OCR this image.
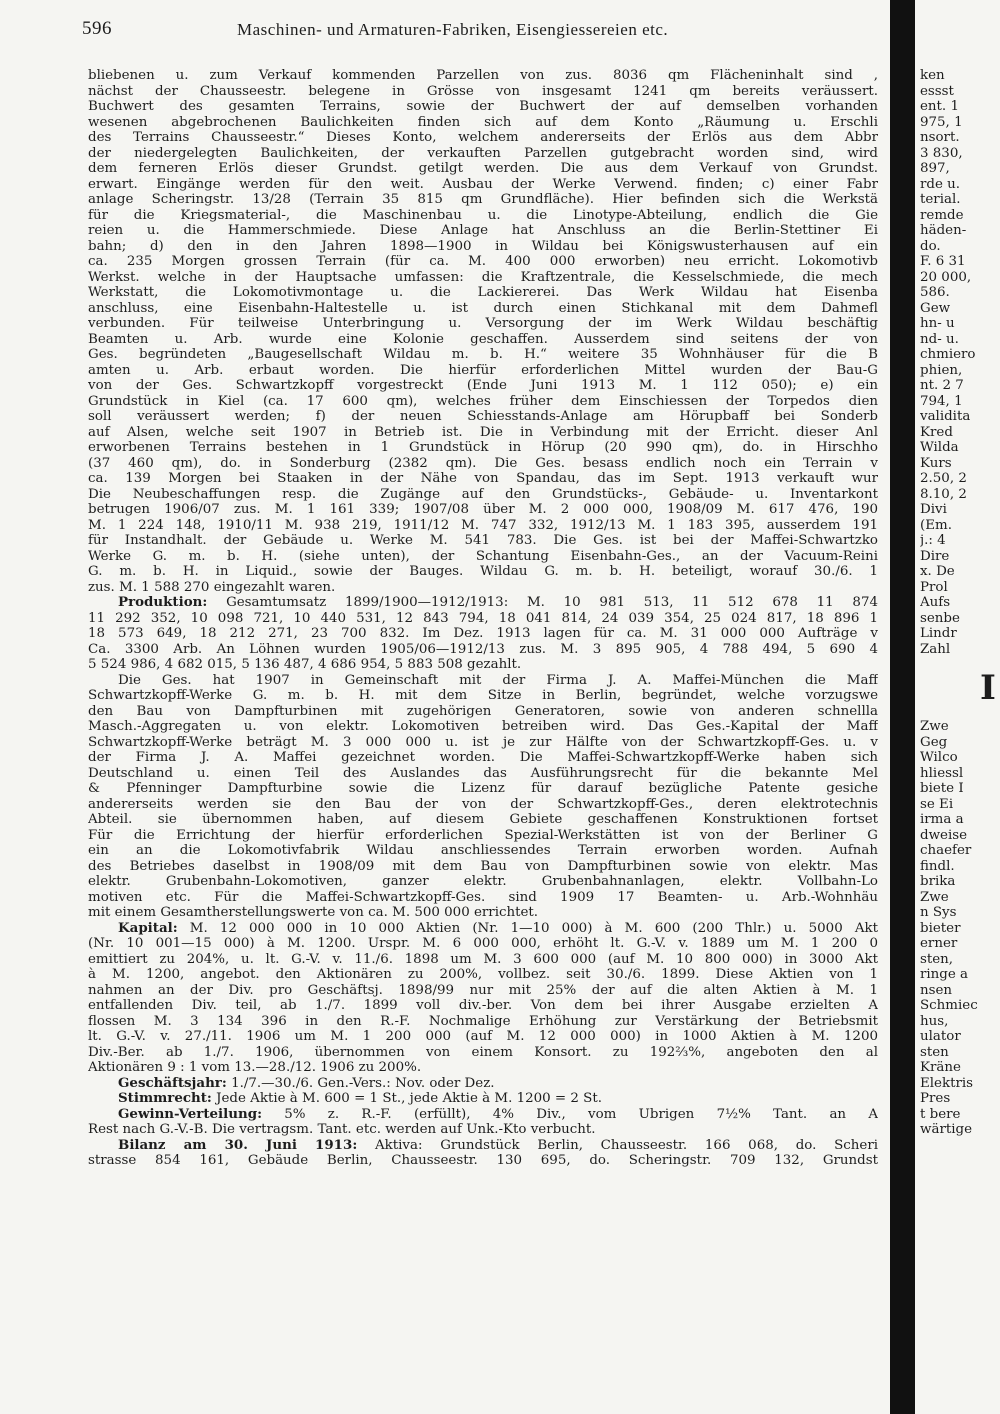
596	Maschinen- und Armaturen-Fabriken, Eisengiessereien etc.
bliebenen u. zum Verkauf kommenden Parzellen von zus. 8036 qm Flächeninhalt sind ,
nächst der Chausseestr. belegene in Grösse von insgesamt 1241 qm bereits veräussert.
Buchwert des gesamten Terrains, sowie der Buchwert der auf demselben vorhanden
wesenen abgebrochenen Baulichkeiten finden sich auf dem Konto „Räumung u. Erschli
des Terrains Chausseestr.“ Dieses Konto, welchem andererseits der Erlös aus dem Abbr
der niedergelegten Baulichkeiten, der verkauften Parzellen gutgebracht worden sind, wird
dem ferneren Erlös dieser Grundst. getilgt werden. Die aus dem Verkauf von Grundst.
erwart. Eingänge werden für den weit. Ausbau der Werke Verwend. finden; c) einer Fabr
anlage Scheringstr. 13/28 (Terrain 35 815 qm Grundfläche). Hier befinden sich die Werkstä
für die Kriegsmaterial-, die Maschinenbau u. die Linotype-Abteilung, endlich die Gie
reien u. die Hammerschmiede. Diese Anlage hat Anschluss an die Berlin-Stettiner Ei
bahn; d) den in den Jahren 1898—1900 in Wildau bei Königswusterhausen auf ein
ca. 235 Morgen grossen Terrain (für ca. M. 400 000 erworben) neu erricht. Lokomotivb
Werkst. welche in der Hauptsache umfassen: die Kraftzentrale, die Kesselschmiede, die mech
Werkstatt, die Lokomotivmontage u. die Lackiererei. Das Werk Wildau hat Eisenba
anschluss, eine Eisenbahn-Haltestelle u. ist durch einen Stichkanal mit dem Dahmefl
verbunden. Für teilweise Unterbringung u. Versorgung der im Werk Wildau beschäftig
Beamten u. Arb. wurde eine Kolonie geschaffen. Ausserdem sind seitens der von
Ges. begründeten „Baugesellschaft Wildau m. b. H.“ weitere 35 Wohnhäuser für die B
amten u. Arb. erbaut worden. Die hierfür erforderlichen Mittel wurden der Bau-G
von der Ges. Schwartzkopff vorgestreckt (Ende Juni 1913 M. 1 112 050); e) ein
Grundstück in Kiel (ca. 17 600 qm), welches früher dem Einschiessen der Torpedos dien
soll veräussert werden; f) der neuen Schiesstands-Anlage am Hörupbaff bei Sonderb
auf Alsen, welche seit 1907 in Betrieb ist. Die in Verbindung mit der Erricht. dieser Anl
erworbenen Terrains bestehen in 1 Grundstück in Hörup (20 990 qm), do. in Hirschho
(37 460 qm), do. in Sonderburg (2382 qm). Die Ges. besass endlich noch ein Terrain v
ca. 139 Morgen bei Staaken in der Nähe von Spandau, das im Sept. 1913 verkauft wur
Die Neubeschaffungen resp. die Zugänge auf den Grundstücks-, Gebäude- u. Inventarkont
betrugen 1906/07 zus. M. 1 161 339; 1907/08 über M. 2 000 000, 1908/09 M. 617 476, 190
M. 1 224 148, 1910/11 M. 938 219, 1911/12 M. 747 332, 1912/13 M. 1 183 395, ausserdem 191
für Instandhalt. der Gebäude u. Werke M. 541 783. Die Ges. ist bei der Maffei-Schwartzko
Werke G. m. b. H. (siehe unten), der Schantung Eisenbahn-Ges., an der Vacuum-Reini
G. m. b. H. in Liquid., sowie der Bauges. Wildau G. m. b. H. beteiligt, worauf 30./6. 1
zus. M. 1 588 270 eingezahlt waren.
Produktion: Gesamtumsatz 1899/1900—1912/1913: M. 10 981 513, 11 512 678 11 874
11 292 352, 10 098 721, 10 440 531, 12 843 794, 18 041 814, 24 039 354, 25 024 817, 18 896 1
18 573 649, 18 212 271, 23 700 832. Im Dez. 1913 lagen für ca. M. 31 000 000 Aufträge v
Ca. 3300 Arb. An Löhnen wurden 1905/06—1912/13 zus. M. 3 895 905, 4 788 494, 5 690 4
5 524 986, 4 682 015, 5 136 487, 4 686 954, 5 883 508 gezahlt.
Die Ges. hat 1907 in Gemeinschaft mit der Firma J. A. Maffei-München die Maff
Schwartzkopff-Werke G. m. b. H. mit dem Sitze in Berlin, begründet, welche vorzugswe
den Bau von Dampfturbinen mit zugehörigen Generatoren, sowie von anderen schnellla
Masch.-Aggregaten u. von elektr. Lokomotiven betreiben wird. Das Ges.-Kapital der Maff
Schwartzkopff-Werke beträgt M. 3 000 000 u. ist je zur Hälfte von der Schwartzkopff-Ges. u. v
der Firma J. A. Maffei gezeichnet worden. Die Maffei-Schwartzkopff-Werke haben sich
Deutschland u. einen Teil des Auslandes das Ausführungsrecht für die bekannte Mel
& Pfenninger Dampfturbine sowie die Lizenz für darauf bezügliche Patente gesiche
andererseits werden sie den Bau der von der Schwartzkopff-Ges., deren elektrotechnis
Abteil. sie übernommen haben, auf diesem Gebiete geschaffenen Konstruktionen fortset
Für die Errichtung der hierfür erforderlichen Spezial-Werkstätten ist von der Berliner G
ein an die Lokomotivfabrik Wildau anschliessendes Terrain erworben worden. Aufnah
des Betriebes daselbst in 1908/09 mit dem Bau von Dampfturbinen sowie von elektr. Mas
elektr. Grubenbahn-Lokomotiven, ganzer elektr. Grubenbahnanlagen, elektr. Vollbahn-Lo
motiven etc. Für die Maffei-Schwartzkopff-Ges. sind 1909 17 Beamten- u. Arb.-Wohnhäu
mit einem Gesamtherstellungswerte von ca. M. 500 000 errichtet.
Kapital: M. 12 000 000 in 10 000 Aktien (Nr. 1—10 000) à M. 600 (200 Thlr.) u. 5000 Akt
(Nr. 10 001—15 000) à M. 1200. Urspr. M. 6 000 000, erhöht lt. G.-V. v. 1889 um M. 1 200 0
emittiert zu 204%, u. lt. G.-V. v. 11./6. 1898 um M. 3 600 000 (auf M. 10 800 000) in 3000 Akt
à M. 1200, angebot. den Aktionären zu 200%, vollbez. seit 30./6. 1899. Diese Aktien von 1
nahmen an der Div. pro Geschäftsj. 1898/99 nur mit 25% der auf die alten Aktien à M. 1
entfallenden Div. teil, ab 1./7. 1899 voll div.-ber. Von dem bei ihrer Ausgabe erzielten A
flossen M. 3 134 396 in den R.-F. Nochmalige Erhöhung zur Verstärkung der Betriebsmit
lt. G.-V. v. 27./11. 1906 um M. 1 200 000 (auf M. 12 000 000) in 1000 Aktien à M. 1200
Div.-Ber. ab 1./7. 1906, übernommen von einem Konsort. zu 192⅔%, angeboten den al
Aktionären 9 : 1 vom 13.—28./12. 1906 zu 200%.
Geschäftsjahr: 1./7.—30./6. Gen.-Vers.: Nov. oder Dez.
Stimmrecht: Jede Aktie à M. 600 = 1 St., jede Aktie à M. 1200 = 2 St.
Gewinn-Verteilung: 5% z. R.-F. (erfüllt), 4% Div., vom Übrigen 7½% Tant. an A
Rest nach G.-V.-B. Die vertragsm. Tant. etc. werden auf Unk.-Kto verbucht.
Bilanz am 30. Juni 1913: Aktiva: Grundstück Berlin, Chausseestr. 166 068, do. Scheri
strasse 854 161, Gebäude Berlin, Chausseestr. 130 695, do. Scheringstr. 709 132, Grundst
ken
essst
ent. 1
975, 1
nsort.
3 830,
897,
rde u.
terial.
remde
häden-
do.
F. 6 31
20 000,
586.
Gew
hn- u
nd- u.
chmiero
phien,
nt. 2 7
794, 1
validita
Kred
Wilda
Kurs
2.50, 2
8.10, 2
Divi
(Em.
j.: 4
Dire
x. De
Prol
Aufs
senbe
Lindr
Zahl
I
Zwe
Geg
Wilco
hliessl
biete I
se Ei
irma a
dweise
chaefer
findl.
brika
Zwe
n Sys
bieter
erner
sten,
ringe a
nsen
Schmiec
hus,
ulator
sten
Kräne
Elektris
Pres
t bere
wärtige
